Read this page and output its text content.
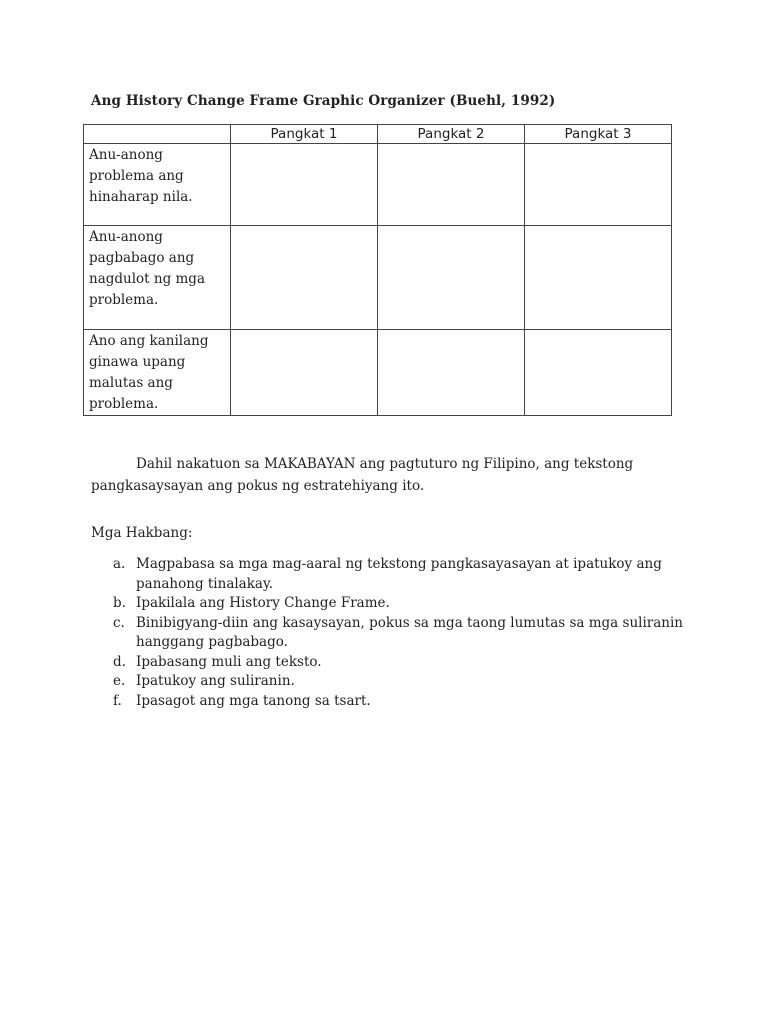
Ang History Change Frame Graphic Organizer (Buehl, 1992)
	Pangkat 1	Pangkat 2	Pangkat 3
Anu-anong problema ang hinaharap nila.			
Anu-anong pagbabago ang nagdulot ng mga problema.			
Ano ang kanilang ginawa upang malutas ang problema.			

Dahil nakatuon sa MAKABAYAN ang pagtuturo ng Filipino, ang tekstong pangkasaysayan ang pokus ng estratehiyang ito.

Mga Hakbang:
a. Magpabasa sa mga mag-aaral ng tekstong pangkasayasayan at ipatukoy ang panahong tinalakay.
b. Ipakilala ang History Change Frame.
c. Binibigyang-diin ang kasaysayan, pokus sa mga taong lumutas sa mga suliranin hanggang pagbabago.
d. Ipabasang muli ang teksto.
e. Ipatukoy ang suliranin.
f. Ipasagot ang mga tanong sa tsart.
